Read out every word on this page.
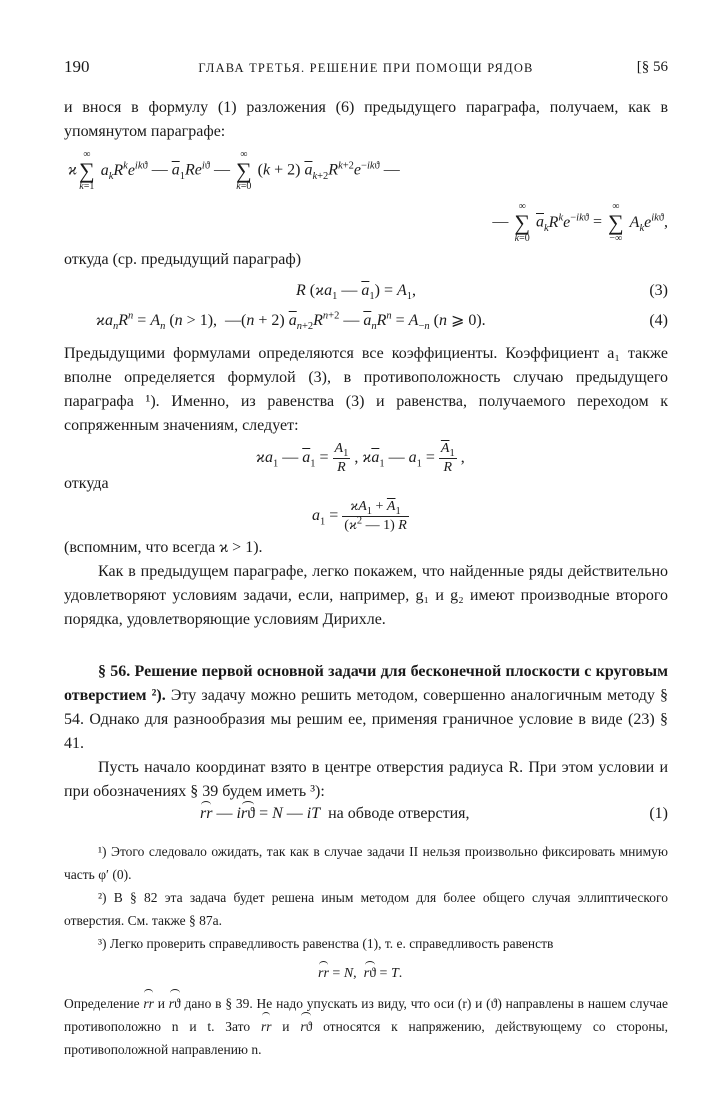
190	ГЛАВА ТРЕТЬЯ. РЕШЕНИЕ ПРИ ПОМОЩИ РЯДОВ	[§ 56

и внося в формулу (1) разложения (6) предыдущего параграфа, получаем, как в упомянутом параграфе:

ϰ∞
∑
k=1 $a_kR^ke^{ikϑ}$ — $\overline{a}_1Re^{iϑ}$ — ∞
∑
k=0 (k + 2) $\overline{a}_{k+2}R^{k+2}e^{-ikϑ}$ —
— ∞
∑
k=0 $\overline{a}_kR^ke^{-ikϑ}$ = ∞
∑
−∞ $A_ke^{ikϑ}$,

откуда (ср. предыдущий параграф)

R ($ϰa_1$ — $\overline{a}_1) = A_1$,	(3)
$ϰa_nR^n = A_n$ (n > 1),  —(n + 2) $\overline{a}_{n+2}R^{n+2}$ — $\overline{a}_nR^n = A_{-n}$ (n ⩾ 0).	(4)

Предыдущими формулами определяются все коэффициенты. Коэффициент a₁ также вполне определяется формулой (3), в противоположность случаю предыдущего параграфа ¹). Именно, из равенства (3) и равенства, получаемого переходом к сопряженным значениям, следует:

$ϰa_1$ — $\overline{a}_1 = \frac{A_1}{R}$ , $ϰ\overline{a}_1$ — $a_1 = \frac{\overline{A}_1}{R}$ ,

откуда

$a_1 = \frac{ϰA_1 + \overline{A}_1}{(ϰ^2 — 1) R}$

(вспомним, что всегда ϰ > 1).

Как в предыдущем параграфе, легко покажем, что найденные ряды действительно удовлетворяют условиям задачи, если, например, g₁ и g₂ имеют производные второго порядка, удовлетворяющие условиям Дирихле.

§ 56. Решение первой основной задачи для бесконечной плоскости с круговым отверстием ²). Эту задачу можно решить методом, совершенно аналогичным методу § 54. Однако для разнообразия мы решим ее, применяя граничное условие в виде (23) § 41.

Пусть начало координат взято в центре отверстия радиуса R. При этом условии и при обозначениях § 39 будем иметь ³):

rr — irϑ = N — iT на обводе отверстия,	(1)

¹) Этого следовало ожидать, так как в случае задачи II нельзя произвольно фиксировать мнимую часть φ′ (0).

²) В § 82 эта задача будет решена иным методом для более общего случая эллиптического отверстия. См. также § 87а.

³) Легко проверить справедливость равенства (1), т. е. справедливость равенств

rr = N,  rϑ = T.

Определение rr и rϑ дано в § 39. Не надо упускать из виду, что оси (r) и (ϑ) направлены в нашем случае противоположно n и t. Зато rr и rϑ относятся к напряжению, действующему со стороны, противоположной направлению n.
